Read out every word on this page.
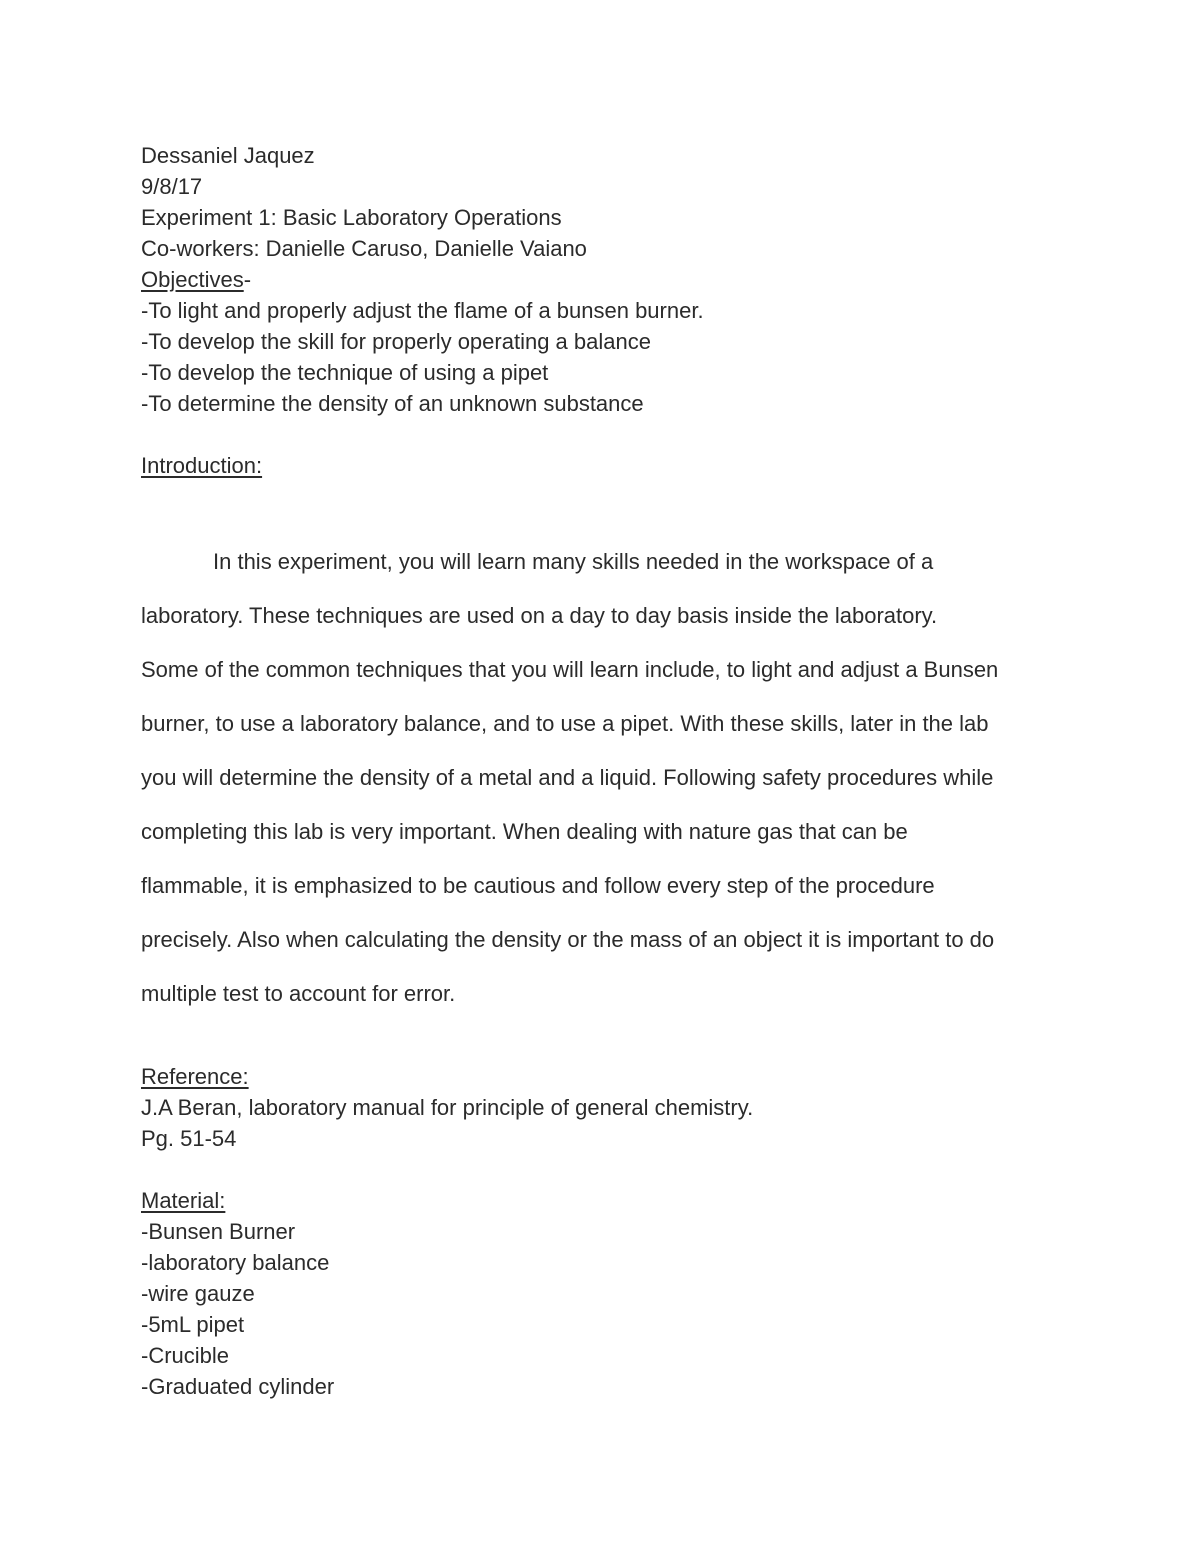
Dessaniel Jaquez
9/8/17
Experiment 1: Basic Laboratory Operations
Co-workers: Danielle Caruso, Danielle Vaiano
Objectives-
-To light and properly adjust the flame of a bunsen burner.
-To develop the skill for properly operating a balance
-To develop the technique of using a pipet
-To determine the density of an unknown substance
Introduction:
In this experiment, you will learn many skills needed in the workspace of a
laboratory. These techniques are used on a day to day basis inside the laboratory.
Some of the common techniques that you will learn include, to light and adjust a Bunsen
burner, to use a laboratory balance, and to use a pipet. With these skills, later in the lab
you will determine the density of a metal and a liquid. Following safety procedures while
completing this lab is very important. When dealing with nature gas that can be
flammable, it is emphasized to be cautious and follow every step of the procedure
precisely. Also when calculating the density or the mass of an object it is important to do
multiple test to account for error.
Reference:
J.A Beran, laboratory manual for principle of general chemistry.
Pg. 51-54
Material:
-Bunsen Burner
-laboratory balance
-wire gauze
-5mL pipet
-Crucible
-Graduated cylinder
